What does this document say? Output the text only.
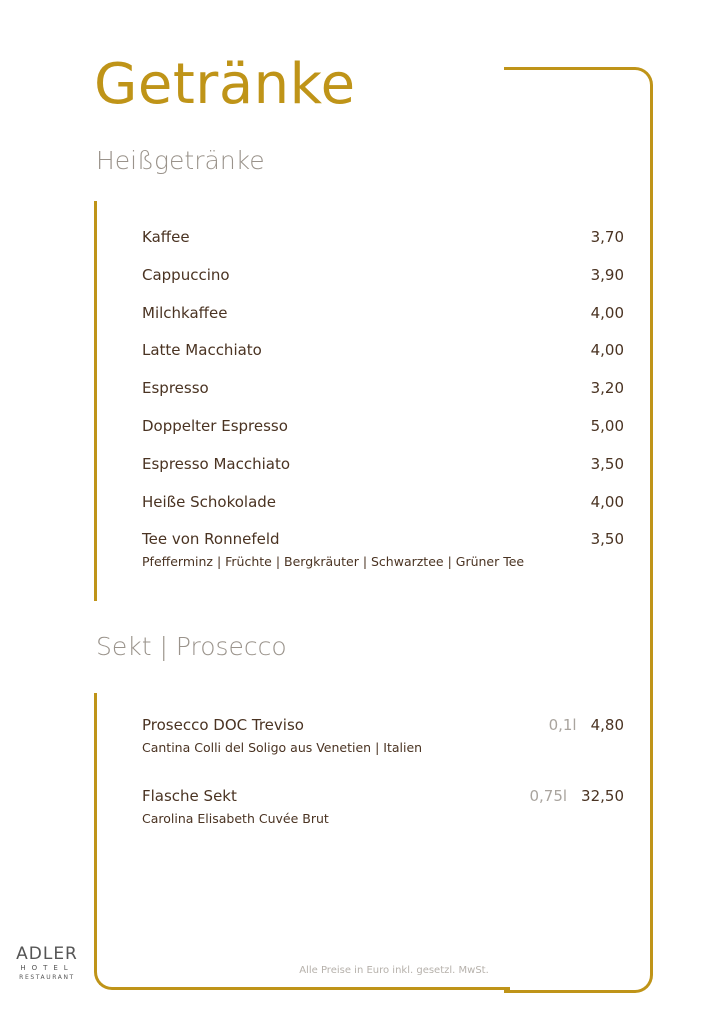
Getränke
Heißgetränke
Kaffee	3,70
Cappuccino	3,90
Milchkaffee	4,00
Latte Macchiato	4,00
Espresso	3,20
Doppelter Espresso	5,00
Espresso Macchiato	3,50
Heiße Schokolade	4,00
Tee von Ronnefeld	3,50
Pfefferminz | Früchte | Bergkräuter | Schwarztee | Grüner Tee
Sekt | Prosecco
Prosecco DOC Treviso	0,1l 4,80
Cantina Colli del Soligo aus Venetien | Italien
Flasche Sekt	0,75l 32,50
Carolina Elisabeth Cuvée Brut
Alle Preise in Euro inkl. gesetzl. MwSt.
ADLER
HOTEL
RESTAURANT
